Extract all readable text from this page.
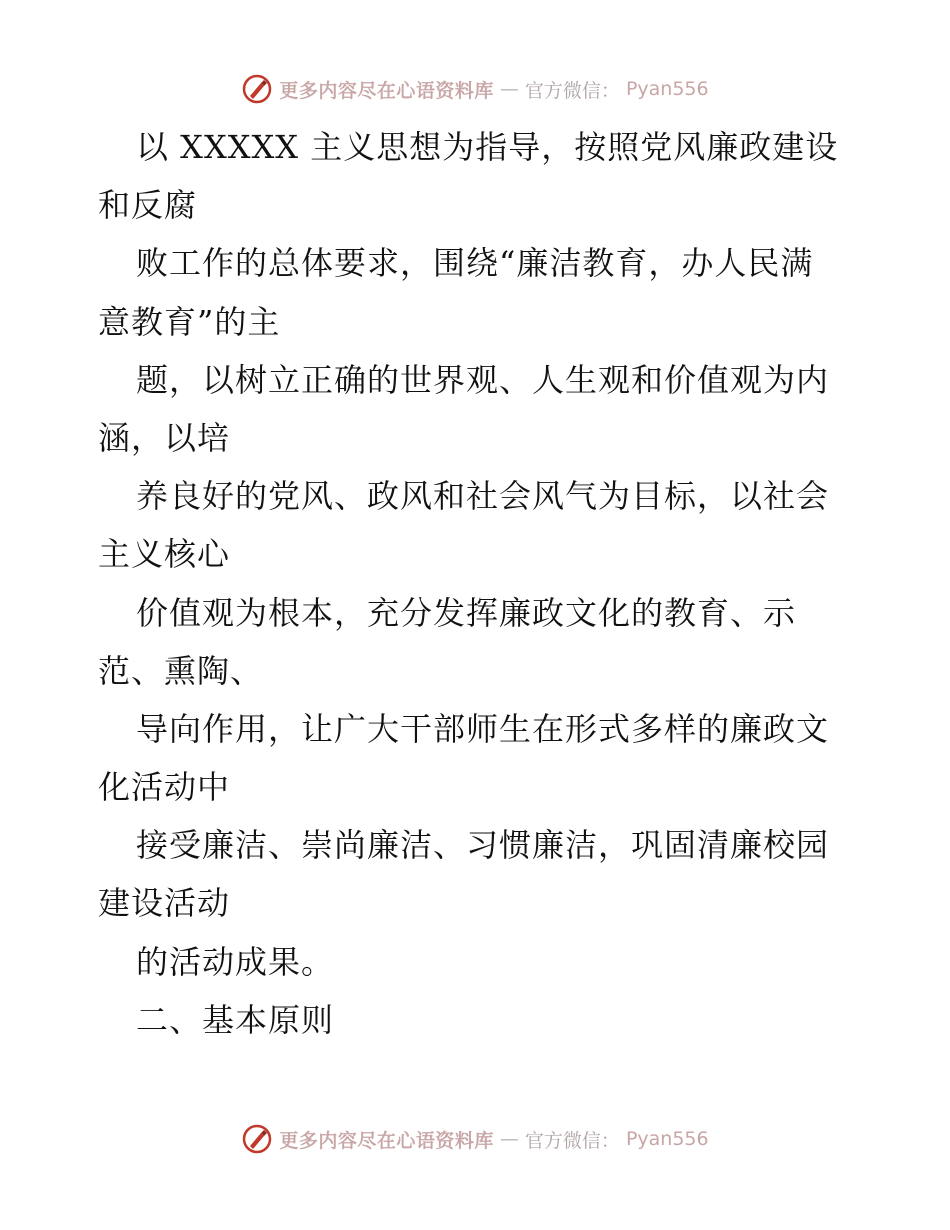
更多内容尽在心语资料库 — 官方微信： Pyan556
以 XXXXX 主义思想为指导，按照党风廉政建设
和反腐
败工作的总体要求，围绕“廉洁教育，办人民满
意教育”的主
题，以树立正确的世界观、人生观和价值观为内
涵，以培
养良好的党风、政风和社会风气为目标，以社会
主义核心
价值观为根本，充分发挥廉政文化的教育、示
范、熏陶、
导向作用，让广大干部师生在形式多样的廉政文
化活动中
接受廉洁、崇尚廉洁、习惯廉洁，巩固清廉校园
建设活动
的活动成果。
二、基本原则
更多内容尽在心语资料库 — 官方微信： Pyan556
